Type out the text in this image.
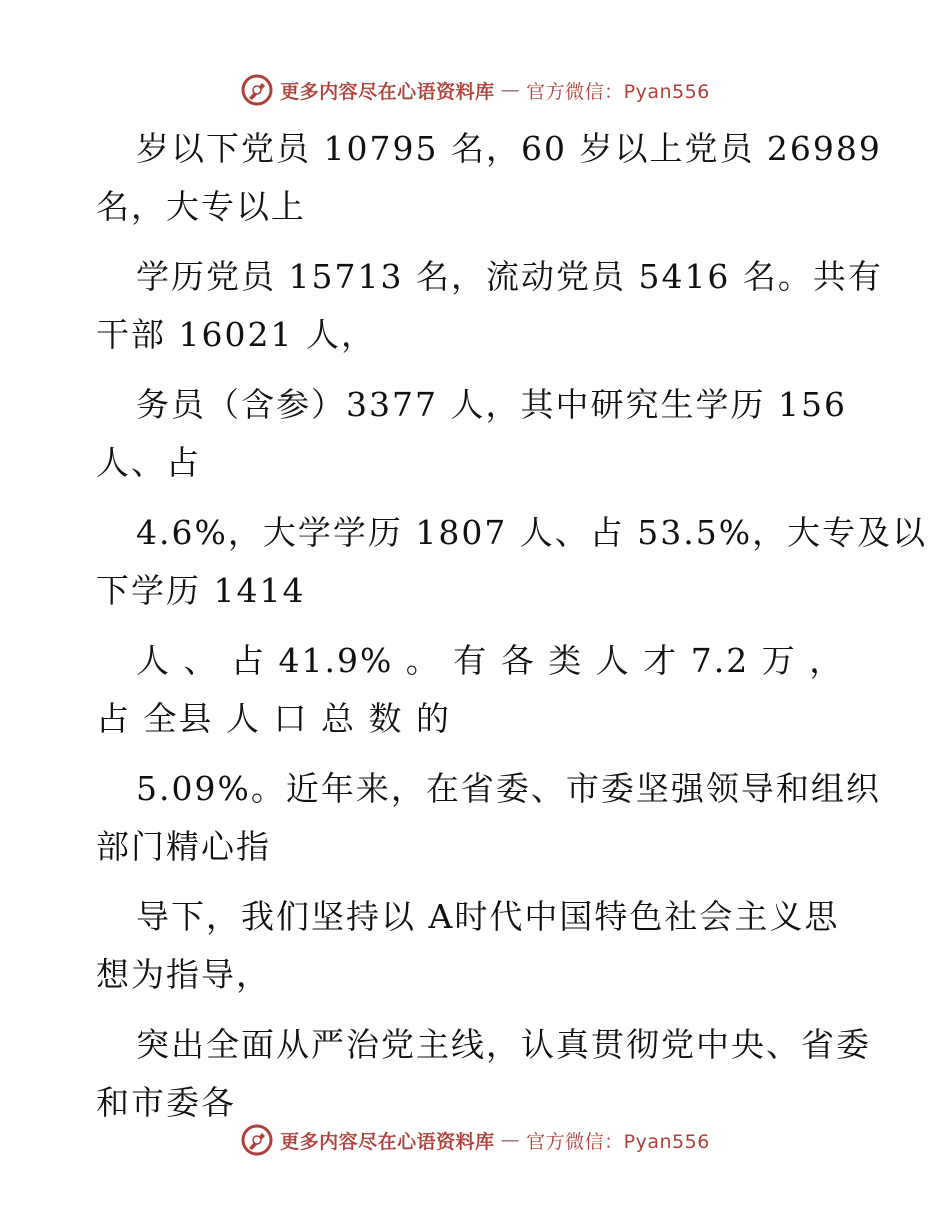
更多内容尽在心语资料库 — 官方微信：Pyan556
岁以下党员 10795 名，60 岁以上党员 26989
名，大专以上
学历党员 15713 名，流动党员 5416 名。共有
干部 16021 人，
务员（含参）3377 人，其中研究生学历 156
人、占
4.6%，大学学历 1807 人、占 53.5%，大专及以
下学历 1414
人 、 占 41.9% 。 有 各 类 人 才 7.2 万 ，
占 全县 人 口 总 数 的
5.09%。近年来，在省委、市委坚强领导和组织
部门精心指
导下，我们坚持以 A时代中国特色社会主义思
想为指导，
突出全面从严治党主线，认真贯彻党中央、省委
和市委各
更多内容尽在心语资料库 — 官方微信：Pyan556
